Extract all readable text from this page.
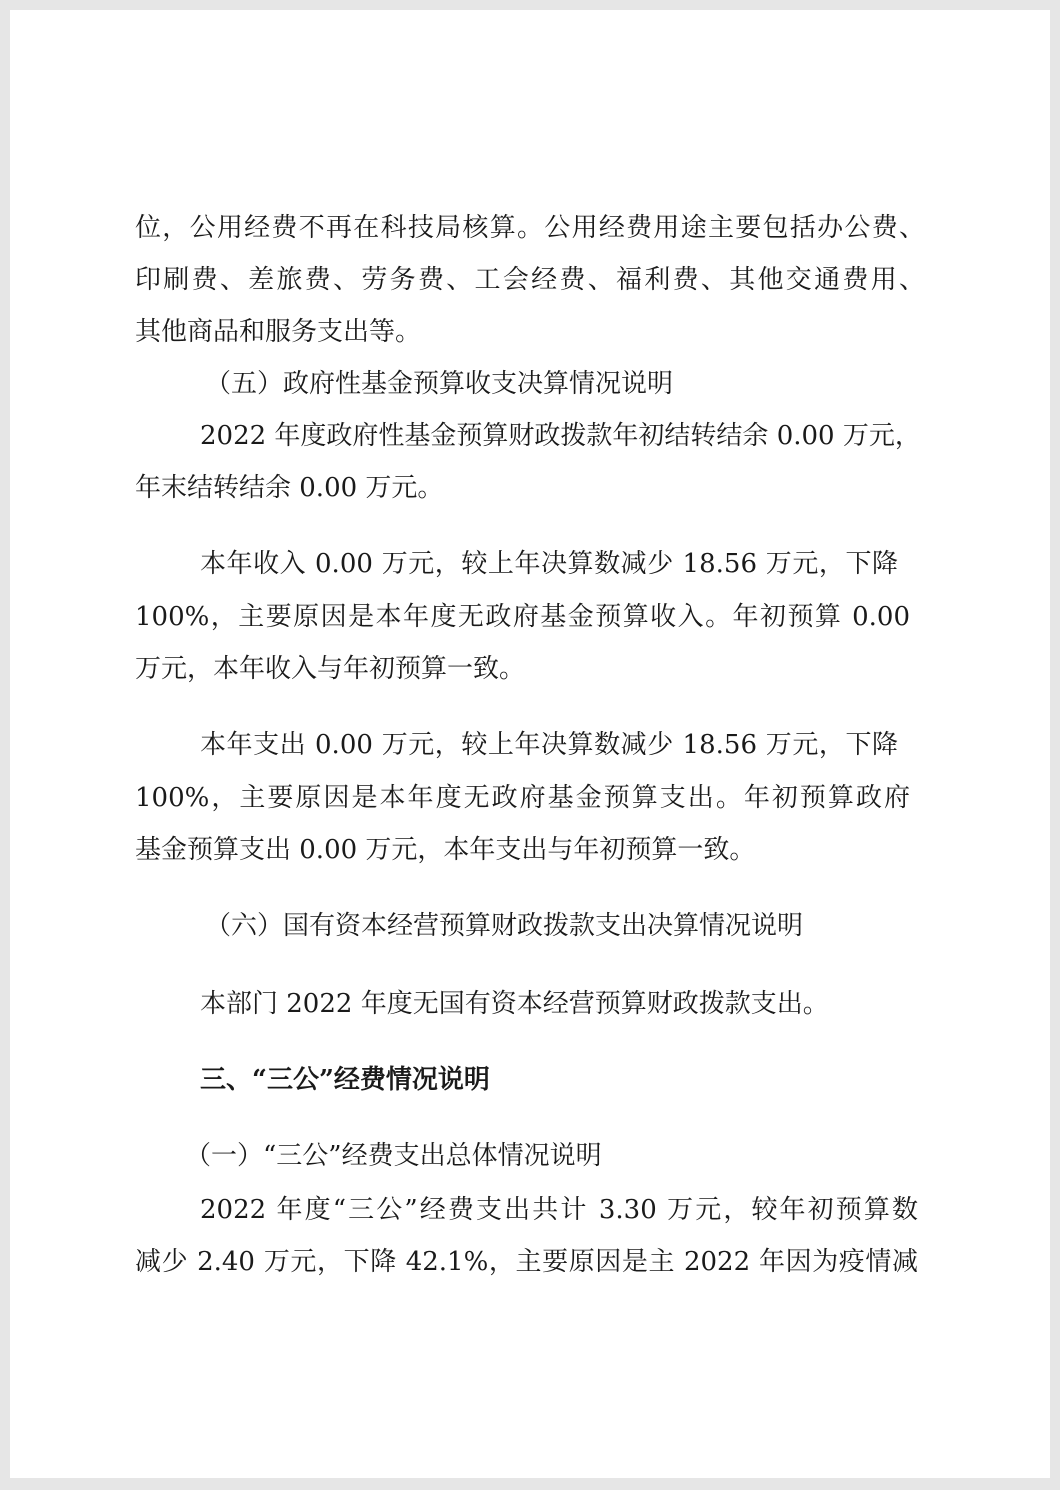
位，公用经费不再在科技局核算。公用经费用途主要包括办公费、
印刷费、差旅费、劳务费、工会经费、福利费、其他交通费用、
其他商品和服务支出等。
（五）政府性基金预算收支决算情况说明
2022 年度政府性基金预算财政拨款年初结转结余 0.00 万元，
年末结转结余 0.00 万元。
本年收入 0.00 万元，较上年决算数减少 18.56 万元，下降
100%，主要原因是本年度无政府基金预算收入。年初预算 0.00
万元，本年收入与年初预算一致。
本年支出 0.00 万元，较上年决算数减少 18.56 万元，下降
100%，主要原因是本年度无政府基金预算支出。年初预算政府
基金预算支出 0.00 万元，本年支出与年初预算一致。
（六）国有资本经营预算财政拨款支出决算情况说明
本部门 2022 年度无国有资本经营预算财政拨款支出。
三、“三公”经费情况说明
（一）“三公”经费支出总体情况说明
2022 年度“三公”经费支出共计 3.30 万元，较年初预算数
减少 2.40 万元，下降 42.1%，主要原因是主 2022 年因为疫情减
